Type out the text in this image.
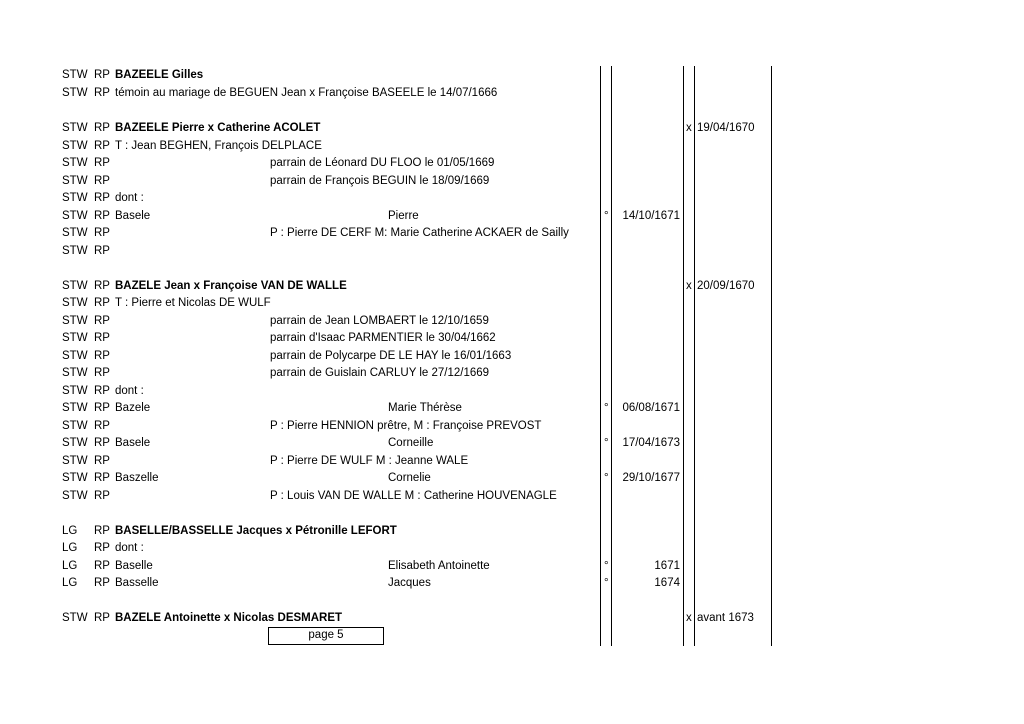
STW RP BAZEELE Gilles
STW RP témoin au mariage de BEGUEN Jean x Françoise BASEELE le 14/07/1666
STW RP BAZEELE Pierre x Catherine ACOLET	x 19/04/1670
STW RP T : Jean BEGHEN, François DELPLACE
STW RP	parrain de Léonard DU FLOO le 01/05/1669
STW RP	parrain de François BEGUIN le 18/09/1669
STW RP dont :
STW RP Basele	Pierre	°	14/10/1671
STW RP	P : Pierre DE CERF M: Marie Catherine ACKAER de Sailly
STW RP
STW RP BAZELE Jean x Françoise VAN DE WALLE	x 20/09/1670
STW RP T : Pierre et Nicolas DE WULF
STW RP	parrain de Jean LOMBAERT le 12/10/1659
STW RP	parrain d'Isaac PARMENTIER le 30/04/1662
STW RP	parrain de Polycarpe DE LE HAY le 16/01/1663
STW RP	parrain de Guislain CARLUY le 27/12/1669
STW RP dont :
STW RP Bazele	Marie Thérèse	°	06/08/1671
STW RP	P : Pierre HENNION prêtre, M : Françoise PREVOST
STW RP Basele	Corneille	°	17/04/1673
STW RP	P : Pierre DE WULF M : Jeanne WALE
STW RP Baszelle	Cornelie	°	29/10/1677
STW RP	P : Louis VAN DE WALLE M : Catherine HOUVENAGLE
LG RP BASELLE/BASSELLE Jacques x Pétronille LEFORT
LG RP dont :
LG RP Baselle	Elisabeth Antoinette	°	1671
LG RP Basselle	Jacques	°	1674
STW RP BAZELE Antoinette x Nicolas DESMARET	x avant 1673
page 5
